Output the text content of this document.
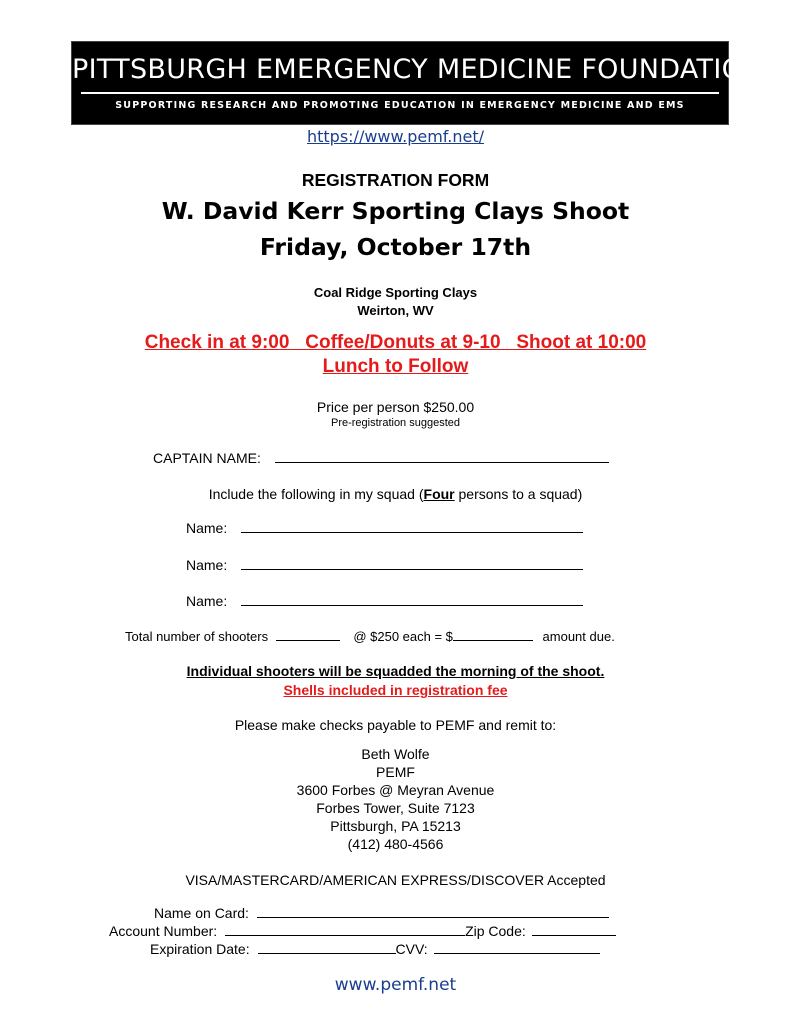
PITTSBURGH EMERGENCY MEDICINE FOUNDATION
SUPPORTING RESEARCH AND PROMOTING EDUCATION IN EMERGENCY MEDICINE AND EMS
https://www.pemf.net/
REGISTRATION FORM
W. David Kerr Sporting Clays Shoot
Friday, October 17th
Coal Ridge Sporting Clays
Weirton, WV
Check in at 9:00   Coffee/Donuts at 9-10   Shoot at 10:00
Lunch to Follow
Price per person $250.00
Pre-registration suggested
CAPTAIN NAME:
Include the following in my squad (Four persons to a squad)
Name:
Name:
Name:
Total number of shooters	@ $250 each = $	amount due.
Individual shooters will be squadded the morning of the shoot.
Shells included in registration fee
Please make checks payable to PEMF and remit to:
Beth Wolfe
PEMF
3600 Forbes @ Meyran Avenue
Forbes Tower, Suite 7123
Pittsburgh, PA 15213
(412) 480-4566
VISA/MASTERCARD/AMERICAN EXPRESS/DISCOVER Accepted
Name on Card:
Account Number:	Zip Code:
Expiration Date:	CVV:
www.pemf.net
